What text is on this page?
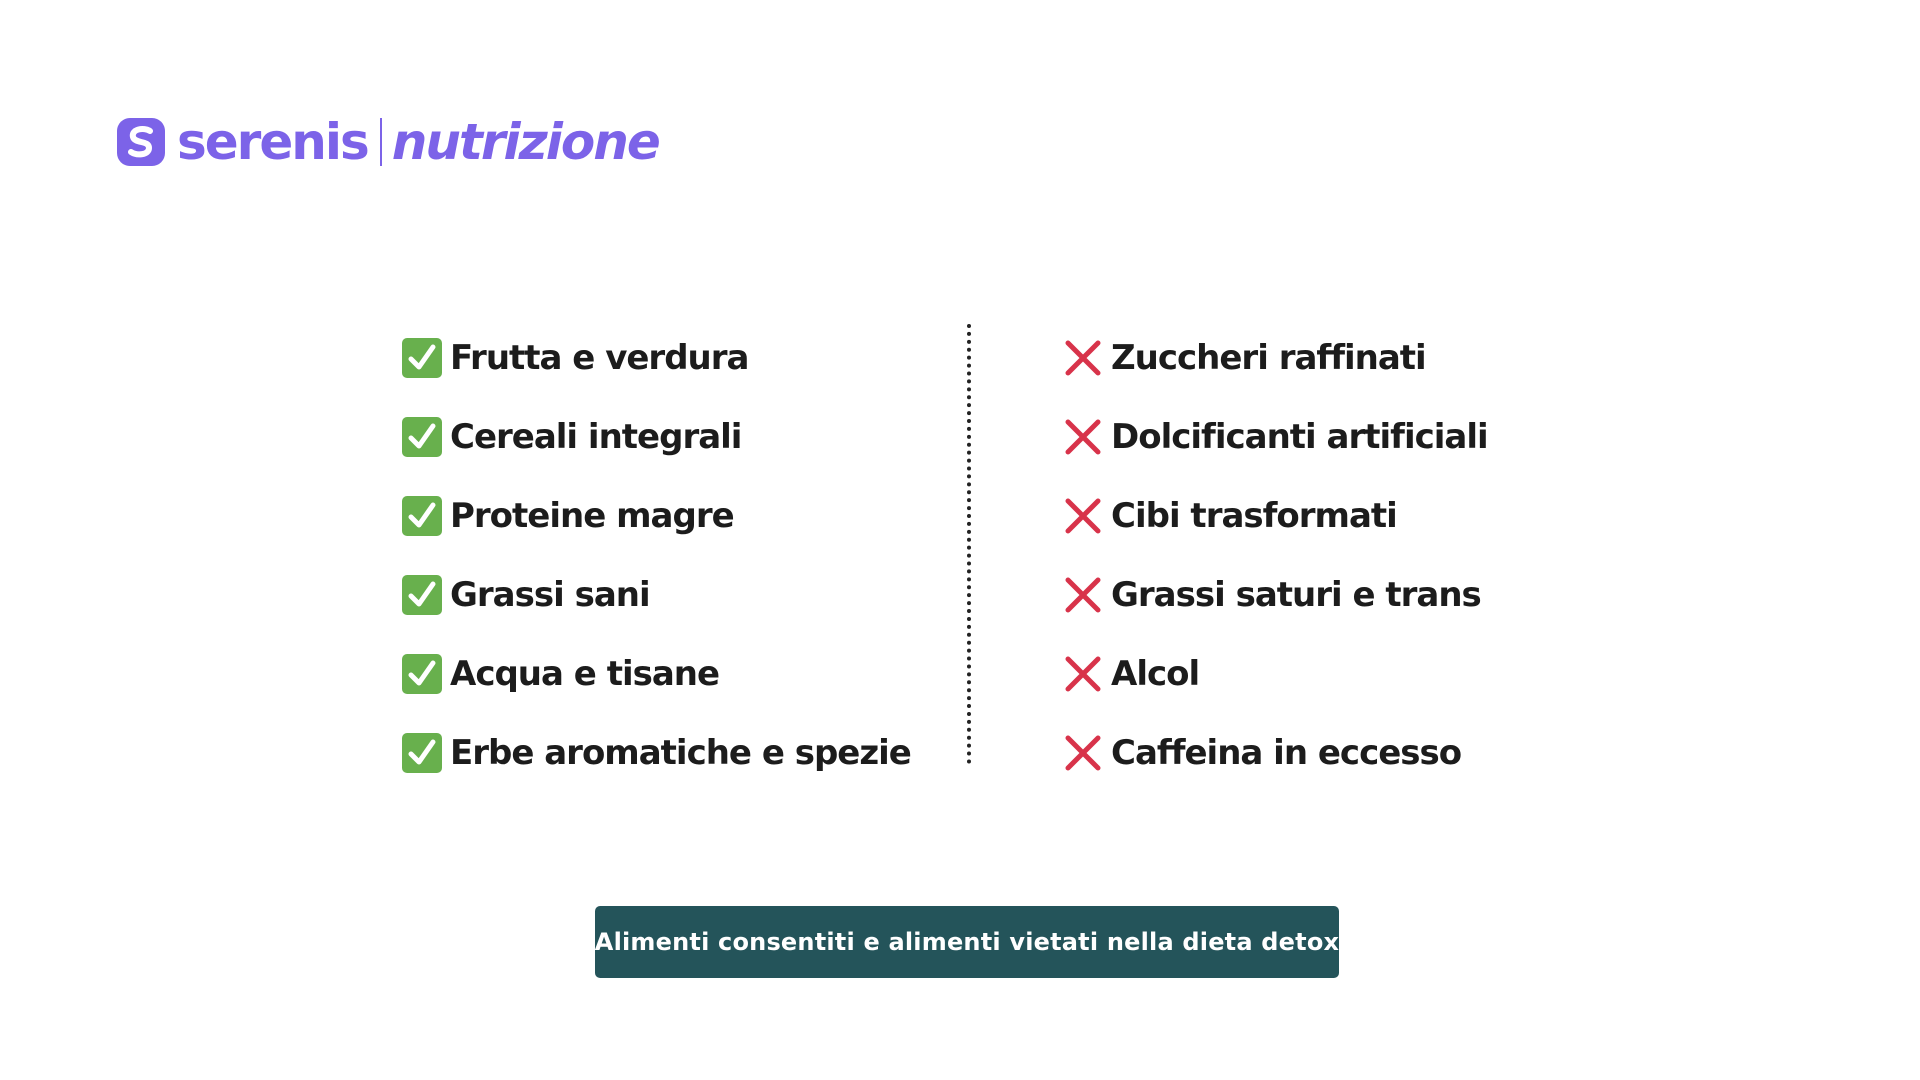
serenis nutrizione
Frutta e verdura
Cereali integrali
Proteine magre
Grassi sani
Acqua e tisane
Erbe aromatiche e spezie
Zuccheri raffinati
Dolcificanti artificiali
Cibi trasformati
Grassi saturi e trans
Alcol
Caffeina in eccesso
Alimenti consentiti e alimenti vietati nella dieta detox
